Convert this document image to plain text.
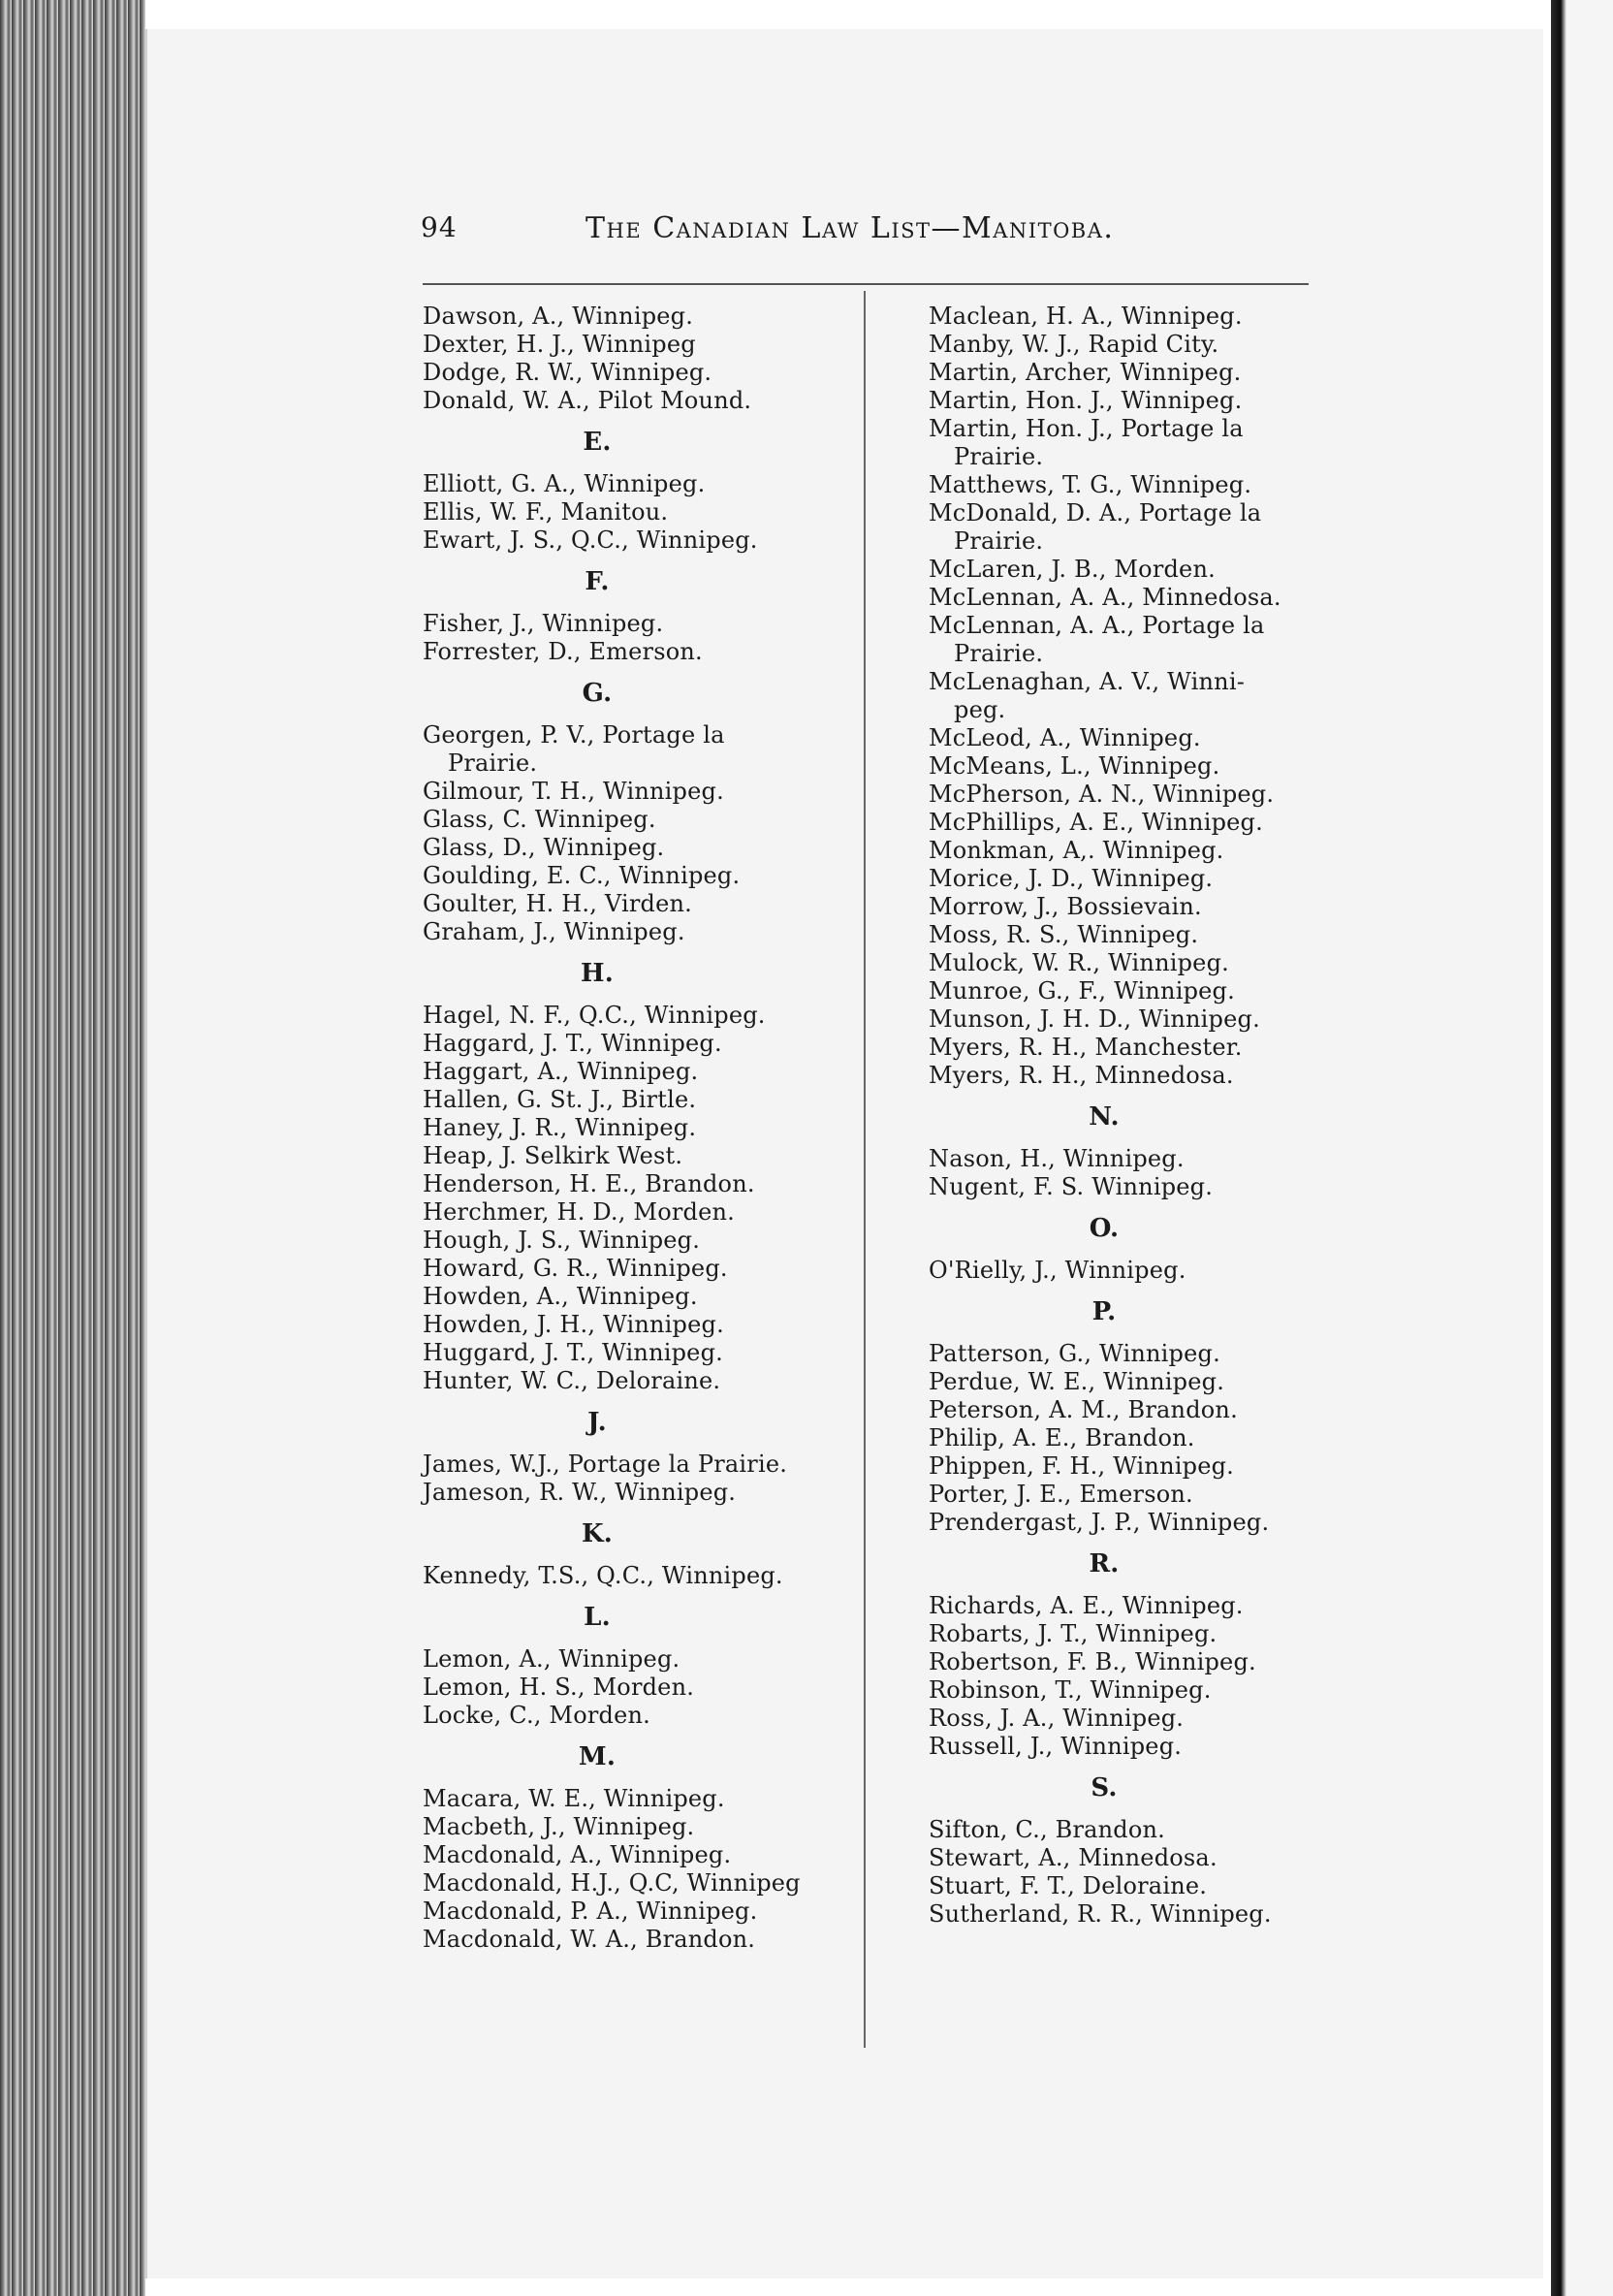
94	The Canadian Law List—Manitoba.
Dawson, A., Winnipeg.
Dexter, H. J., Winnipeg
Dodge, R. W., Winnipeg.
Donald, W. A., Pilot Mound.
E.
Elliott, G. A., Winnipeg.
Ellis, W. F., Manitou.
Ewart, J. S., Q.C., Winnipeg.
F.
Fisher, J., Winnipeg.
Forrester, D., Emerson.
G.
Georgen, P. V., Portage la
Prairie.
Gilmour, T. H., Winnipeg.
Glass, C. Winnipeg.
Glass, D., Winnipeg.
Goulding, E. C., Winnipeg.
Goulter, H. H., Virden.
Graham, J., Winnipeg.
H.
Hagel, N. F., Q.C., Winnipeg.
Haggard, J. T., Winnipeg.
Haggart, A., Winnipeg.
Hallen, G. St. J., Birtle.
Haney, J. R., Winnipeg.
Heap, J. Selkirk West.
Henderson, H. E., Brandon.
Herchmer, H. D., Morden.
Hough, J. S., Winnipeg.
Howard, G. R., Winnipeg.
Howden, A., Winnipeg.
Howden, J. H., Winnipeg.
Huggard, J. T., Winnipeg.
Hunter, W. C., Deloraine.
J.
James, W.J., Portage la Prairie.
Jameson, R. W., Winnipeg.
K.
Kennedy, T.S., Q.C., Winnipeg.
L.
Lemon, A., Winnipeg.
Lemon, H. S., Morden.
Locke, C., Morden.
M.
Macara, W. E., Winnipeg.
Macbeth, J., Winnipeg.
Macdonald, A., Winnipeg.
Macdonald, H.J., Q.C, Winnipeg
Macdonald, P. A., Winnipeg.
Macdonald, W. A., Brandon.
Maclean, H. A., Winnipeg.
Manby, W. J., Rapid City.
Martin, Archer, Winnipeg.
Martin, Hon. J., Winnipeg.
Martin, Hon. J., Portage la
Prairie.
Matthews, T. G., Winnipeg.
McDonald, D. A., Portage la
Prairie.
McLaren, J. B., Morden.
McLennan, A. A., Minnedosa.
McLennan, A. A., Portage la
Prairie.
McLenaghan, A. V., Winni-
peg.
McLeod, A., Winnipeg.
McMeans, L., Winnipeg.
McPherson, A. N., Winnipeg.
McPhillips, A. E., Winnipeg.
Monkman, A,. Winnipeg.
Morice, J. D., Winnipeg.
Morrow, J., Bossievain.
Moss, R. S., Winnipeg.
Mulock, W. R., Winnipeg.
Munroe, G., F., Winnipeg.
Munson, J. H. D., Winnipeg.
Myers, R. H., Manchester.
Myers, R. H., Minnedosa.
N.
Nason, H., Winnipeg.
Nugent, F. S. Winnipeg.
O.
O'Rielly, J., Winnipeg.
P.
Patterson, G., Winnipeg.
Perdue, W. E., Winnipeg.
Peterson, A. M., Brandon.
Philip, A. E., Brandon.
Phippen, F. H., Winnipeg.
Porter, J. E., Emerson.
Prendergast, J. P., Winnipeg.
R.
Richards, A. E., Winnipeg.
Robarts, J. T., Winnipeg.
Robertson, F. B., Winnipeg.
Robinson, T., Winnipeg.
Ross, J. A., Winnipeg.
Russell, J., Winnipeg.
S.
Sifton, C., Brandon.
Stewart, A., Minnedosa.
Stuart, F. T., Deloraine.
Sutherland, R. R., Winnipeg.
